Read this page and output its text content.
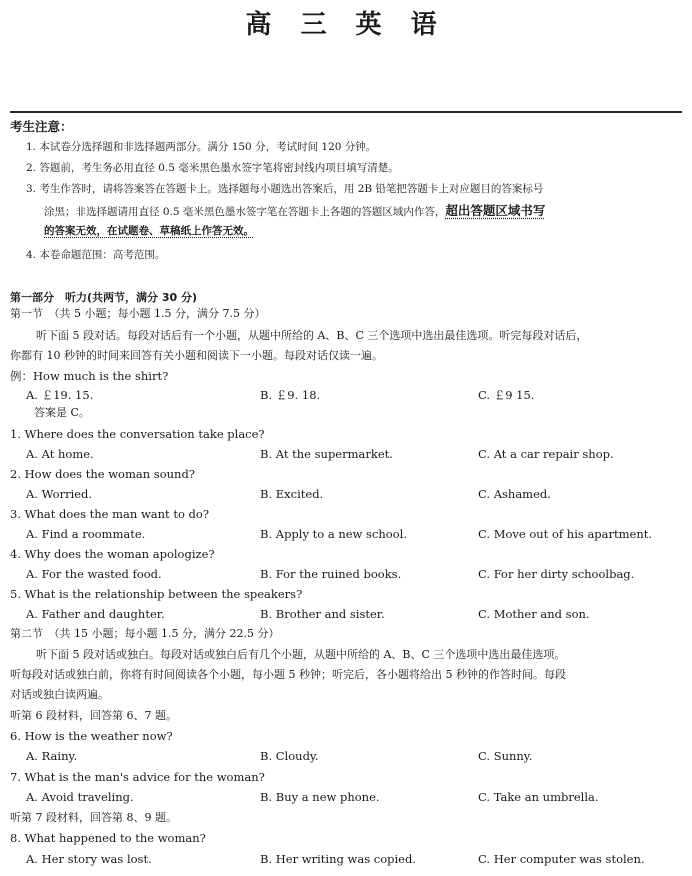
高 三 英 语
考生注意：
1. 本试卷分选择题和非选择题两部分。满分 150 分，考试时间 120 分钟。
2. 答题前，考生务必用直径 0.5 毫米黑色墨水签字笔将密封线内项目填写清楚。
3. 考生作答时，请将答案答在答题卡上。选择题每小题选出答案后，用 2B 铅笔把答题卡上对应题目的答案标号
涂黑；非选择题请用直径 0.5 毫米黑色墨水签字笔在答题卡上各题的答题区域内作答，超出答题区域书写
的答案无效，在试题卷、草稿纸上作答无效。
4. 本卷命题范围：高考范围。
第一部分　听力(共两节，满分 30 分)
第一节　（共 5 小题；每小题 1.5 分，满分 7.5 分）
听下面 5 段对话。每段对话后有一个小题，从题中所给的 A、B、C 三个选项中选出最佳选项。听完每段对话后，
你都有 10 秒钟的时间来回答有关小题和阅读下一小题。每段对话仅读一遍。
例：How much is the shirt?
A. ￡19. 15.	B. ￡9. 18.	C. ￡9 15.
答案是 C。
1. Where does the conversation take place?
A. At home.	B. At the supermarket.	C. At a car repair shop.
2. How does the woman sound?
A. Worried.	B. Excited.	C. Ashamed.
3. What does the man want to do?
A. Find a roommate.	B. Apply to a new school.	C. Move out of his apartment.
4. Why does the woman apologize?
A. For the wasted food.	B. For the ruined books.	C. For her dirty schoolbag.
5. What is the relationship between the speakers?
A. Father and daughter.	B. Brother and sister.	C. Mother and son.
第二节　（共 15 小题；每小题 1.5 分，满分 22.5 分）
听下面 5 段对话或独白。每段对话或独白后有几个小题，从题中所给的 A、B、C 三个选项中选出最佳选项。
听每段对话或独白前，你将有时间阅读各个小题，每小题 5 秒钟；听完后，各小题将给出 5 秒钟的作答时间。每段
对话或独白读两遍。
听第 6 段材料，回答第 6、7 题。
6. How is the weather now?
A. Rainy.	B. Cloudy.	C. Sunny.
7. What is the man's advice for the woman?
A. Avoid traveling.	B. Buy a new phone.	C. Take an umbrella.
听第 7 段材料，回答第 8、9 题。
8. What happened to the woman?
A. Her story was lost.	B. Her writing was copied.	C. Her computer was stolen.
